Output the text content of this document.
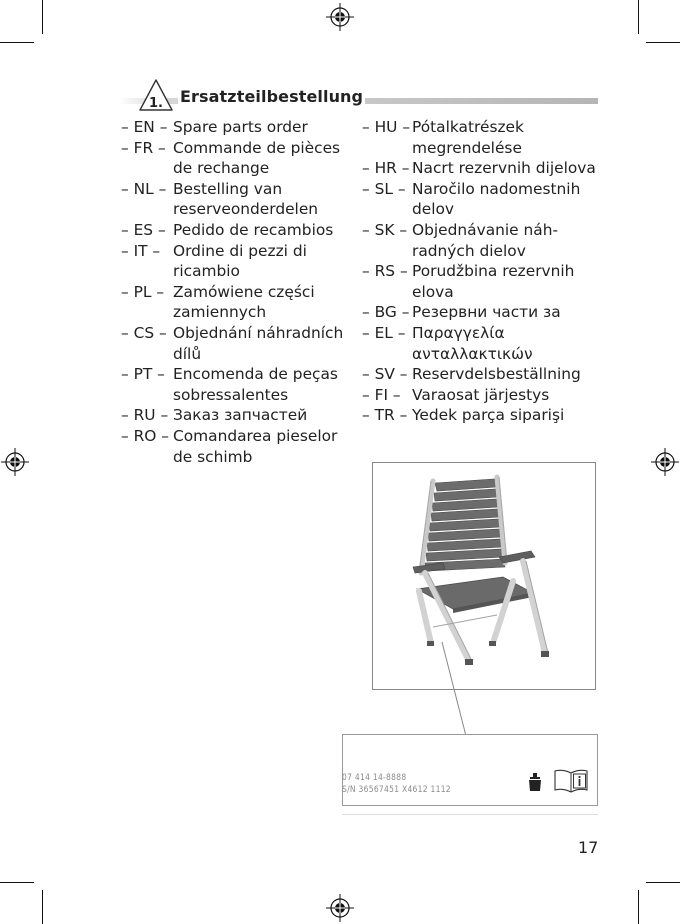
1. Ersatzteilbestellung
– EN – Spare parts order
– FR – Commande de pièces
de rechange
– NL – Bestelling van
reserveonderdelen
– ES – Pedido de recambios
– IT – Ordine di pezzi di
ricambio
– PL – Zamówiene części
zamiennych
– CS – Objednání náhradních
dílů
– PT – Encomenda de peças
sobressalentes
– RU – Заказ запчастей
– RO – Comandarea pieselor
de schimb
– HU – Pótalkatrészek
megrendelése
– HR – Nacrt rezervnih dijelova
– SL – Naročilo nadomestnih
delov
– SK – Objednávanie náh-
radných dielov
– RS – Porudžbina rezervnih
elova
– BG – Резервни части за
– EL – Παραγγελία
ανταλλακτικών
– SV – Reservdelsbeställning
– FI – Varaosat järjestys
– TR – Yedek parça siparişi
07 414 14-8888
S/N 36567451 X4612 1112
17
